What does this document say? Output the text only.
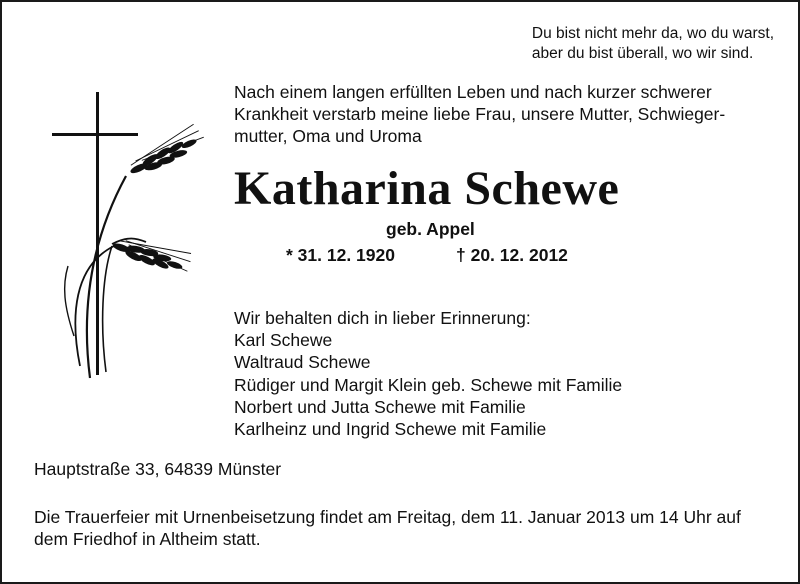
Du bist nicht mehr da, wo du warst,
aber du bist überall, wo wir sind.
Nach einem langen erfüllten Leben und nach kurzer schwerer
Krankheit verstarb meine liebe Frau, unsere Mutter, Schwieger-
mutter, Oma und Uroma
Katharina Schewe
geb. Appel
* 31. 12. 1920	† 20. 12. 2012
Wir behalten dich in lieber Erinnerung:
Karl Schewe
Waltraud Schewe
Rüdiger und Margit Klein geb. Schewe mit Familie
Norbert und Jutta Schewe mit Familie
Karlheinz und Ingrid Schewe mit Familie
Hauptstraße 33, 64839 Münster
Die Trauerfeier mit Urnenbeisetzung findet am Freitag, dem 11. Januar 2013 um 14 Uhr auf
dem Friedhof in Altheim statt.
